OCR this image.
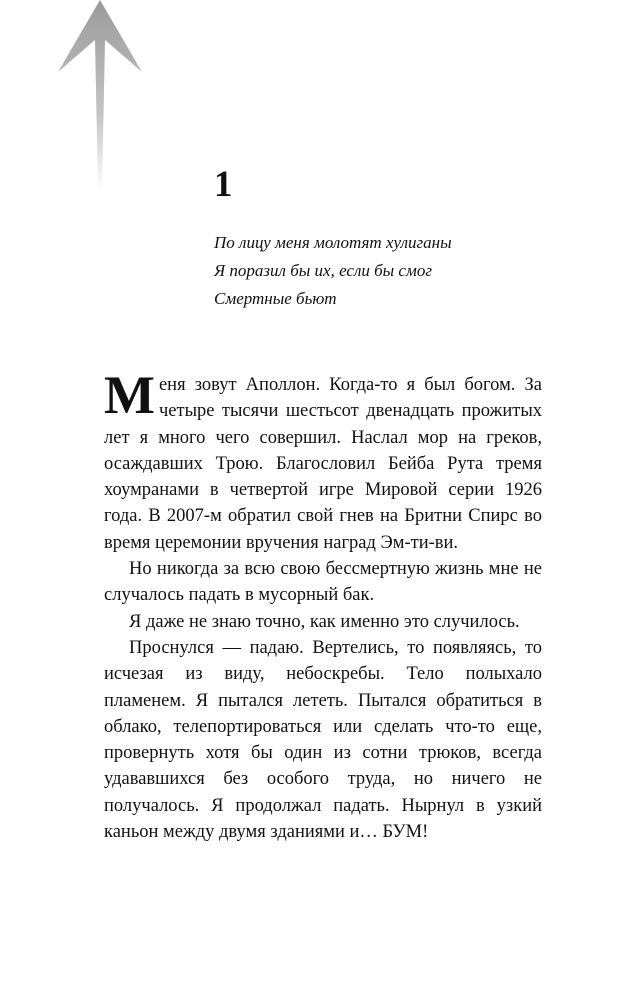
1

По лицу меня молотят хулиганы
Я поразил бы их, если бы смог
Смертные бьют

Меня зовут Аполлон. Когда-то я был богом. За четыре тысячи шестьсот двенадцать прожитых лет я много чего совершил. Наслал мор на греков, осаждавших Трою. Благословил Бейба Рута тремя хоумранами в четвертой игре Мировой серии 1926 года. В 2007-м обратил свой гнев на Бритни Спирс во время церемонии вручения наград Эм-ти-ви.

Но никогда за всю свою бессмертную жизнь мне не случалось падать в мусорный бак.

Я даже не знаю точно, как именно это случилось.

Проснулся — падаю. Вертелись, то появляясь, то исчезая из виду, небоскребы. Тело полыхало пламенем. Я пытался лететь. Пытался обратиться в облако, телепортироваться или сделать что-то еще, провернуть хотя бы один из сотни трюков, всегда удававшихся без особого труда, но ничего не получалось. Я продолжал падать. Нырнул в узкий каньон между двумя зданиями и… БУМ!
